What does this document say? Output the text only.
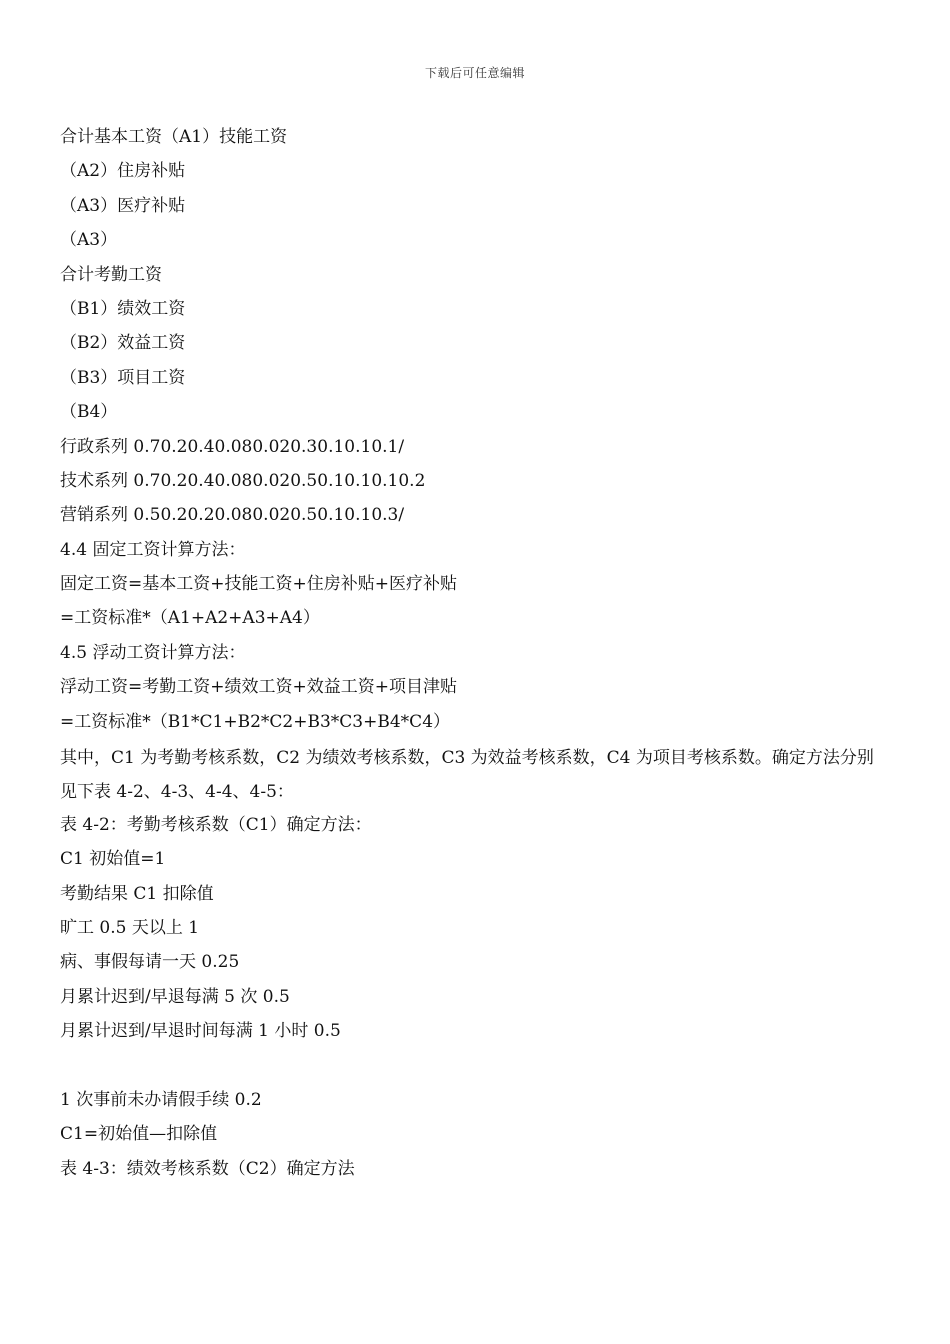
下载后可任意编辑
合计基本工资（A1）技能工资
（A2）住房补贴
（A3）医疗补贴
（A3）
合计考勤工资
（B1）绩效工资
（B2）效益工资
（B3）项目工资
（B4）
行政系列 0.70.20.40.080.020.30.10.10.1/
技术系列 0.70.20.40.080.020.50.10.10.10.2
营销系列 0.50.20.20.080.020.50.10.10.3/
4.4 固定工资计算方法：
固定工资=基本工资+技能工资+住房补贴+医疗补贴
=工资标准*（A1+A2+A3+A4）
4.5 浮动工资计算方法：
浮动工资=考勤工资+绩效工资+效益工资+项目津贴
=工资标准*（B1*C1+B2*C2+B3*C3+B4*C4）
其中，C1 为考勤考核系数，C2 为绩效考核系数，C3 为效益考核系数，C4 为项目考核系数。确定方法分别见下表 4-2、4-3、4-4、4-5：
表 4-2：考勤考核系数（C1）确定方法：
C1 初始值=1
考勤结果 C1 扣除值
旷工 0.5 天以上 1
病、事假每请一天 0.25
月累计迟到/早退每满 5 次 0.5
月累计迟到/早退时间每满 1 小时 0.5
1 次事前未办请假手续 0.2
C1=初始值—扣除值
表 4-3：绩效考核系数（C2）确定方法
